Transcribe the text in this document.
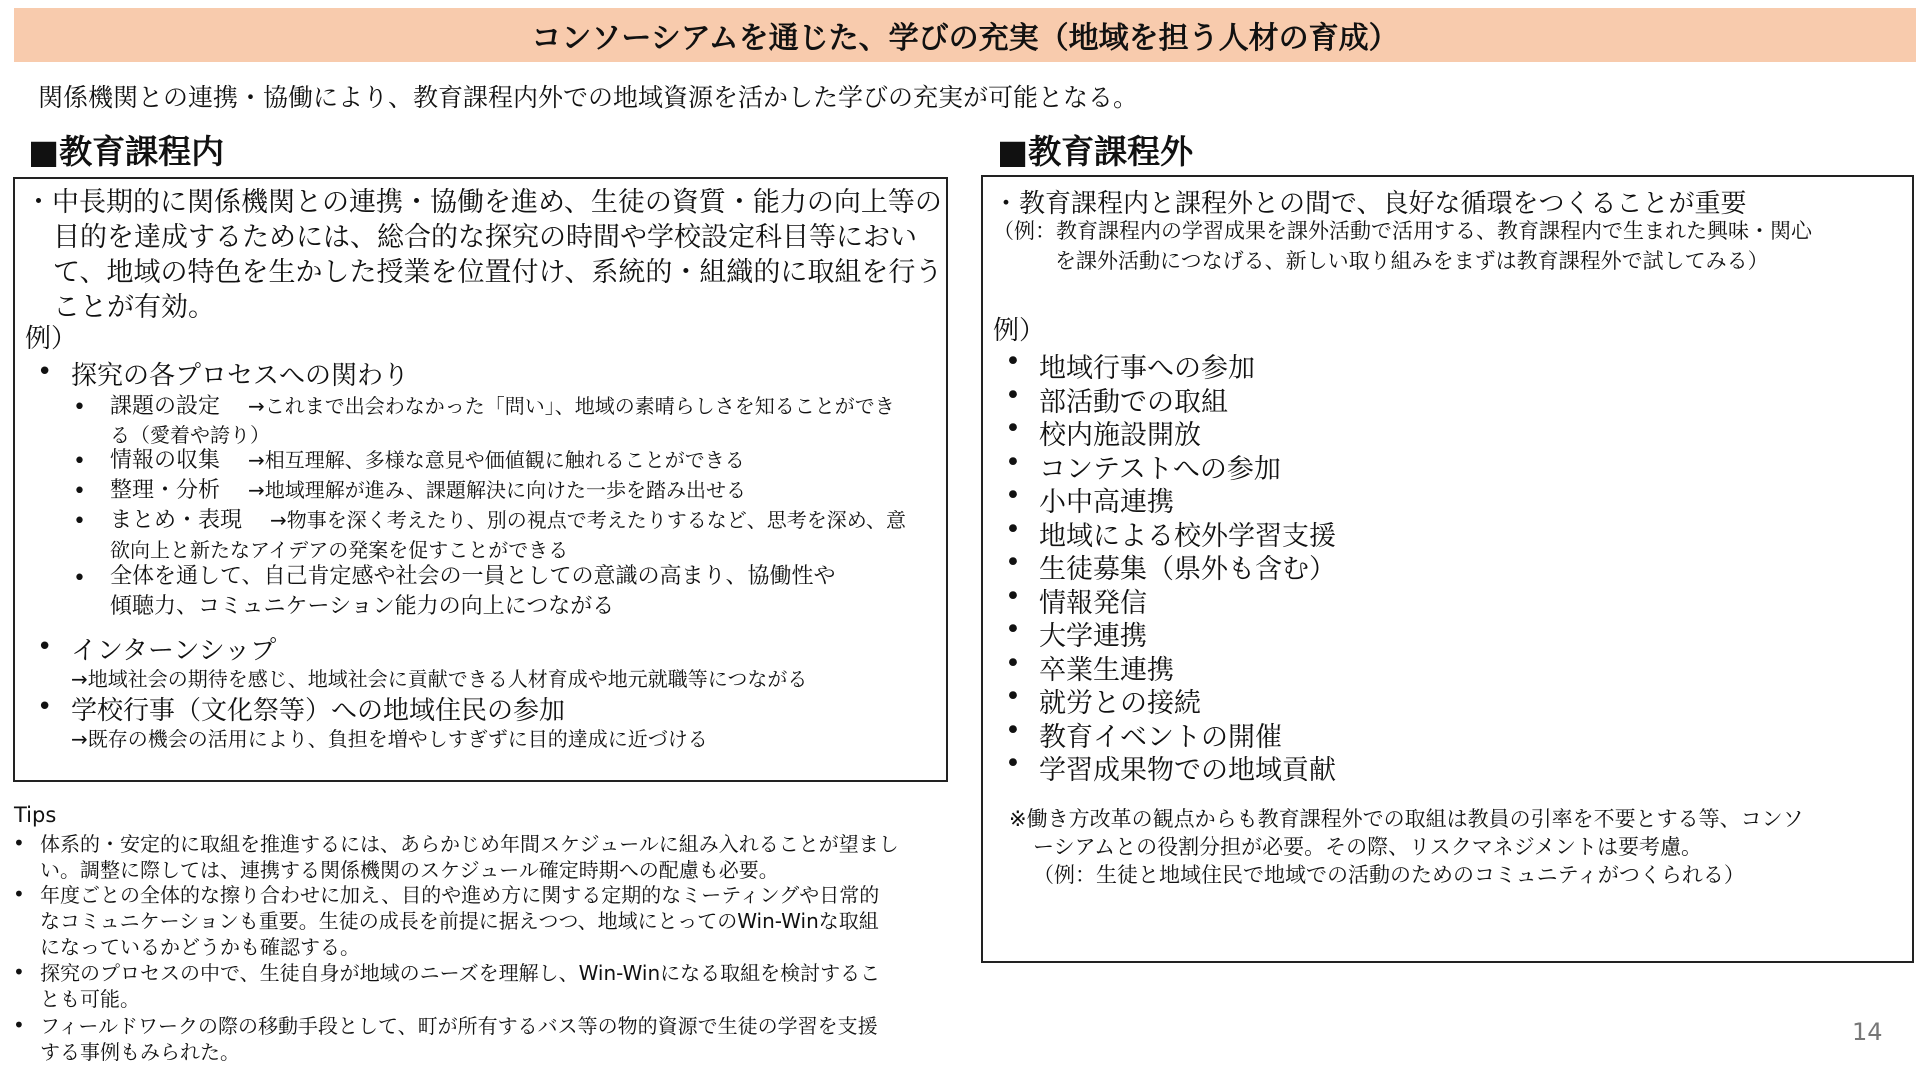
コンソーシアムを通じた、学びの充実（地域を担う人材の育成）
関係機関との連携・協働により、教育課程内外での地域資源を活かした学びの充実が可能となる。
■教育課程内	■教育課程外
・中長期的に関係機関との連携・協働を進め、生徒の資質・能力の向上等の
目的を達成するためには、総合的な探究の時間や学校設定科目等におい
て、地域の特色を生かした授業を位置付け、系統的・組織的に取組を行う
ことが有効。
例）
• 探究の各プロセスへの関わり
• 課題の設定 →これまで出会わなかった「問い」、地域の素晴らしさを知ることができ
る（愛着や誇り）
• 情報の収集 →相互理解、多様な意見や価値観に触れることができる
• 整理・分析 →地域理解が進み、課題解決に向けた一歩を踏み出せる
• まとめ・表現 →物事を深く考えたり、別の視点で考えたりするなど、思考を深め、意
欲向上と新たなアイデアの発案を促すことができる
• 全体を通して、自己肯定感や社会の一員としての意識の高まり、協働性や
傾聴力、コミュニケーション能力の向上につながる
• インターンシップ
→地域社会の期待を感じ、地域社会に貢献できる人材育成や地元就職等につながる
• 学校行事（文化祭等）への地域住民の参加
→既存の機会の活用により、負担を増やしすぎずに目的達成に近づける
・教育課程内と課程外との間で、良好な循環をつくることが重要
（例：教育課程内の学習成果を課外活動で活用する、教育課程内で生まれた興味・関心
を課外活動につなげる、新しい取り組みをまずは教育課程外で試してみる）
例）
• 地域行事への参加
• 部活動での取組
• 校内施設開放
• コンテストへの参加
• 小中高連携
• 地域による校外学習支援
• 生徒募集（県外も含む）
• 情報発信
• 大学連携
• 卒業生連携
• 就労との接続
• 教育イベントの開催
• 学習成果物での地域貢献
※働き方改革の観点からも教育課程外での取組は教員の引率を不要とする等、コンソ
ーシアムとの役割分担が必要。その際、リスクマネジメントは要考慮。
（例：生徒と地域住民で地域での活動のためのコミュニティがつくられる）
Tips
• 体系的・安定的に取組を推進するには、あらかじめ年間スケジュールに組み入れることが望まし
い。調整に際しては、連携する関係機関のスケジュール確定時期への配慮も必要。
• 年度ごとの全体的な擦り合わせに加え、目的や進め方に関する定期的なミーティングや日常的
なコミュニケーションも重要。生徒の成長を前提に据えつつ、地域にとってのWin-Winな取組
になっているかどうかも確認する。
• 探究のプロセスの中で、生徒自身が地域のニーズを理解し、Win-Winになる取組を検討するこ
とも可能。
• フィールドワークの際の移動手段として、町が所有するバス等の物的資源で生徒の学習を支援
する事例もみられた。
14
